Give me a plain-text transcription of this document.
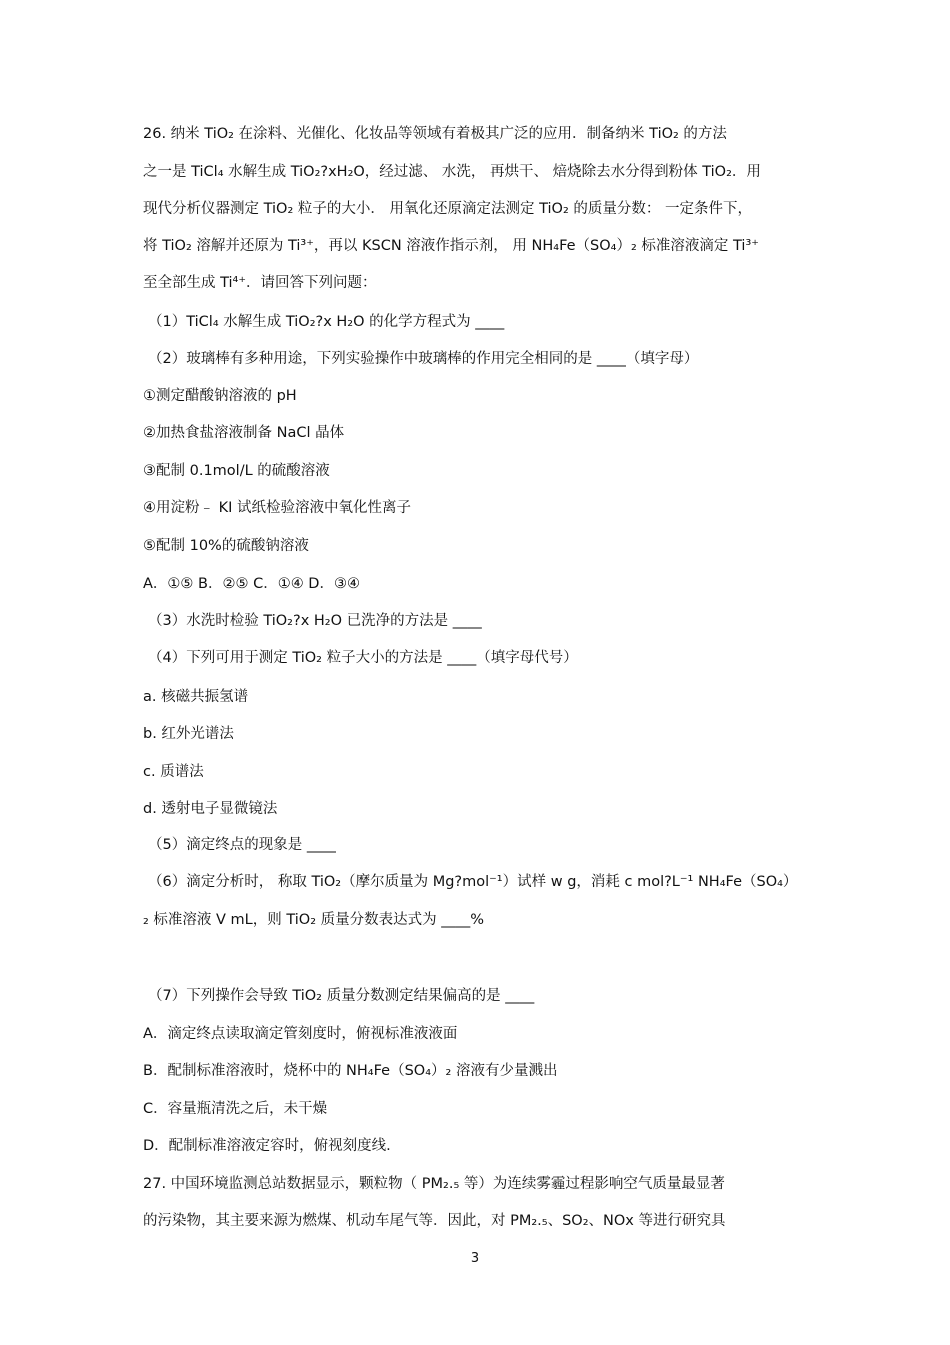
26. 纳米 TiO₂ 在涂料、光催化、化妆品等领域有着极其广泛的应用．制备纳米 TiO₂ 的方法
之一是 TiCl₄ 水解生成 TiO₂?xH₂O，经过滤、 水洗， 再烘干、 焙烧除去水分得到粉体 TiO₂．用
现代分析仪器测定 TiO₂ 粒子的大小． 用氧化还原滴定法测定 TiO₂ 的质量分数： 一定条件下，
将 TiO₂ 溶解并还原为 Ti³⁺，再以 KSCN 溶液作指示剂， 用 NH₄Fe（SO₄）₂ 标准溶液滴定 Ti³⁺
至全部生成 Ti⁴⁺．请回答下列问题：
（1）TiCl₄ 水解生成 TiO₂?x H₂O 的化学方程式为 ____
（2）玻璃棒有多种用途，下列实验操作中玻璃棒的作用完全相同的是 ____（填字母）
①测定醋酸钠溶液的 pH
②加热食盐溶液制备 NaCl 晶体
③配制 0.1mol/L 的硫酸溶液
④用淀粉﹣ KI 试纸检验溶液中氧化性离子
⑤配制 10%的硫酸钠溶液
A．①⑤ B．②⑤ C．①④ D．③④
（3）水洗时检验 TiO₂?x H₂O 已洗净的方法是 ____
（4）下列可用于测定 TiO₂ 粒子大小的方法是 ____（填字母代号）
a. 核磁共振氢谱
b. 红外光谱法
c. 质谱法
d. 透射电子显微镜法
（5）滴定终点的现象是 ____
（6）滴定分析时， 称取 TiO₂（摩尔质量为 Mg?mol⁻¹）试样 w g，消耗 c mol?L⁻¹ NH₄Fe（SO₄）
₂ 标准溶液 V mL，则 TiO₂ 质量分数表达式为 ____%
（7）下列操作会导致 TiO₂ 质量分数测定结果偏高的是 ____
A．滴定终点读取滴定管刻度时，俯视标准液液面
B．配制标准溶液时，烧杯中的 NH₄Fe（SO₄）₂ 溶液有少量溅出
C．容量瓶清洗之后，未干燥
D．配制标准溶液定容时，俯视刻度线.
27. 中国环境监测总站数据显示，颗粒物（ PM₂.₅ 等）为连续雾霾过程影响空气质量最显著
的污染物，其主要来源为燃煤、机动车尾气等．因此，对 PM₂.₅、SO₂、NOx 等进行研究具
3
